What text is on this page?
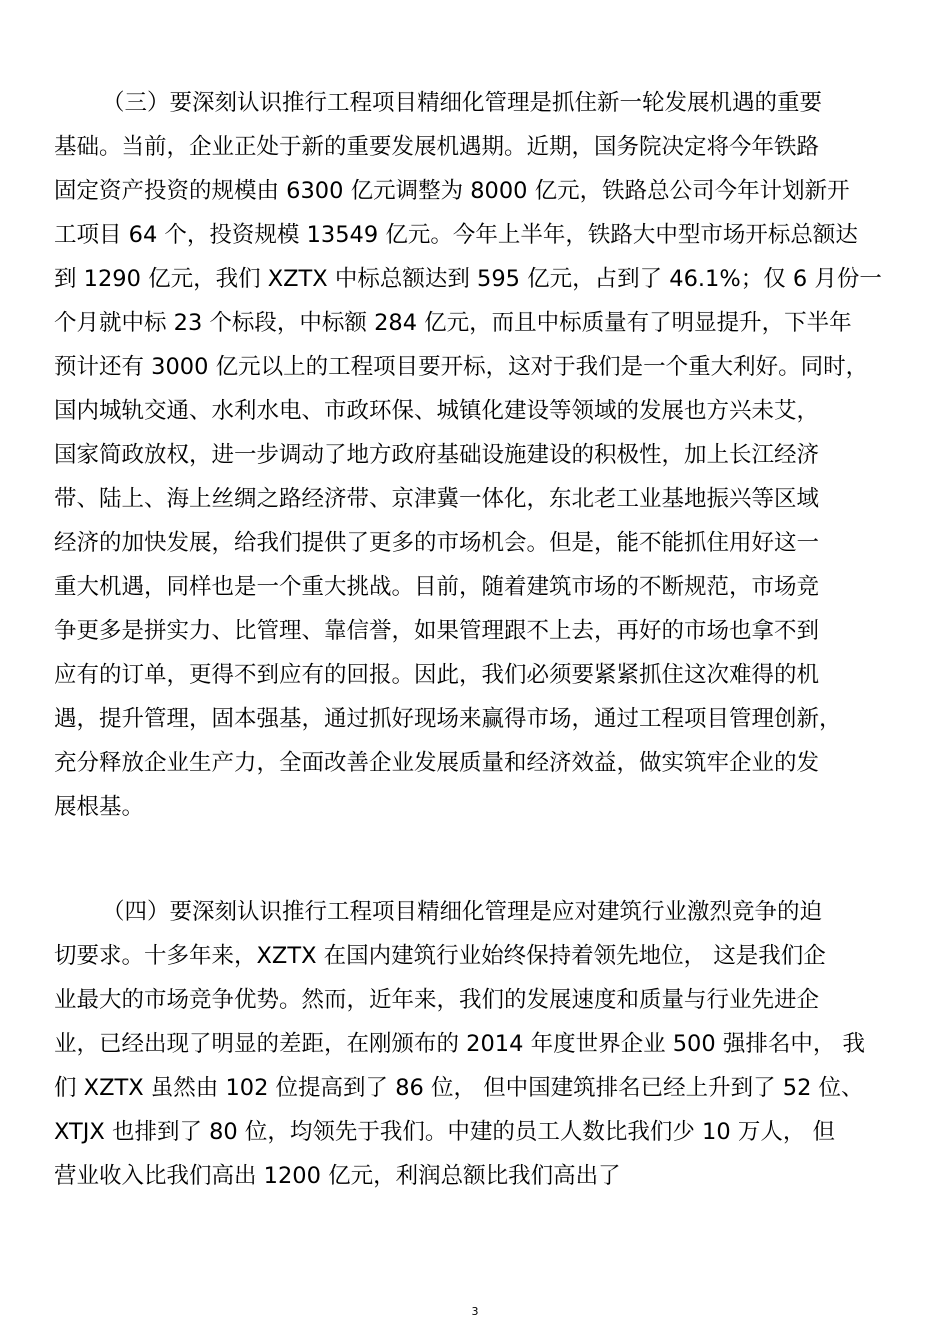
（三）要深刻认识推行工程项目精细化管理是抓住新一轮发展机遇的重要
基础。当前，企业正处于新的重要发展机遇期。近期，国务院决定将今年铁路
固定资产投资的规模由 6300 亿元调整为 8000 亿元，铁路总公司今年计划新开
工项目 64 个，投资规模 13549 亿元。今年上半年，铁路大中型市场开标总额达
到 1290 亿元，我们 XZTX 中标总额达到 595 亿元，占到了 46.1%；仅 6 月份一
个月就中标 23 个标段，中标额 284 亿元，而且中标质量有了明显提升，下半年
预计还有 3000 亿元以上的工程项目要开标，这对于我们是一个重大利好。同时，
国内城轨交通、水利水电、市政环保、城镇化建设等领域的发展也方兴未艾，
国家简政放权，进一步调动了地方政府基础设施建设的积极性，加上长江经济
带、陆上、海上丝绸之路经济带、京津冀一体化，东北老工业基地振兴等区域
经济的加快发展，给我们提供了更多的市场机会。但是，能不能抓住用好这一
重大机遇，同样也是一个重大挑战。目前，随着建筑市场的不断规范，市场竞
争更多是拼实力、比管理、靠信誉，如果管理跟不上去，再好的市场也拿不到
应有的订单，更得不到应有的回报。因此，我们必须要紧紧抓住这次难得的机
遇，提升管理，固本强基，通过抓好现场来赢得市场，通过工程项目管理创新，
充分释放企业生产力，全面改善企业发展质量和经济效益，做实筑牢企业的发
展根基。
（四）要深刻认识推行工程项目精细化管理是应对建筑行业激烈竞争的迫
切要求。十多年来，XZTX 在国内建筑行业始终保持着领先地位， 这是我们企
业最大的市场竞争优势。然而，近年来，我们的发展速度和质量与行业先进企
业，已经出现了明显的差距，在刚颁布的 2014 年度世界企业 500 强排名中， 我
们 XZTX 虽然由 102 位提高到了 86 位， 但中国建筑排名已经上升到了 52 位、
XTJX 也排到了 80 位，均领先于我们。中建的员工人数比我们少 10 万人， 但
营业收入比我们高出 1200 亿元，利润总额比我们高出了
3
